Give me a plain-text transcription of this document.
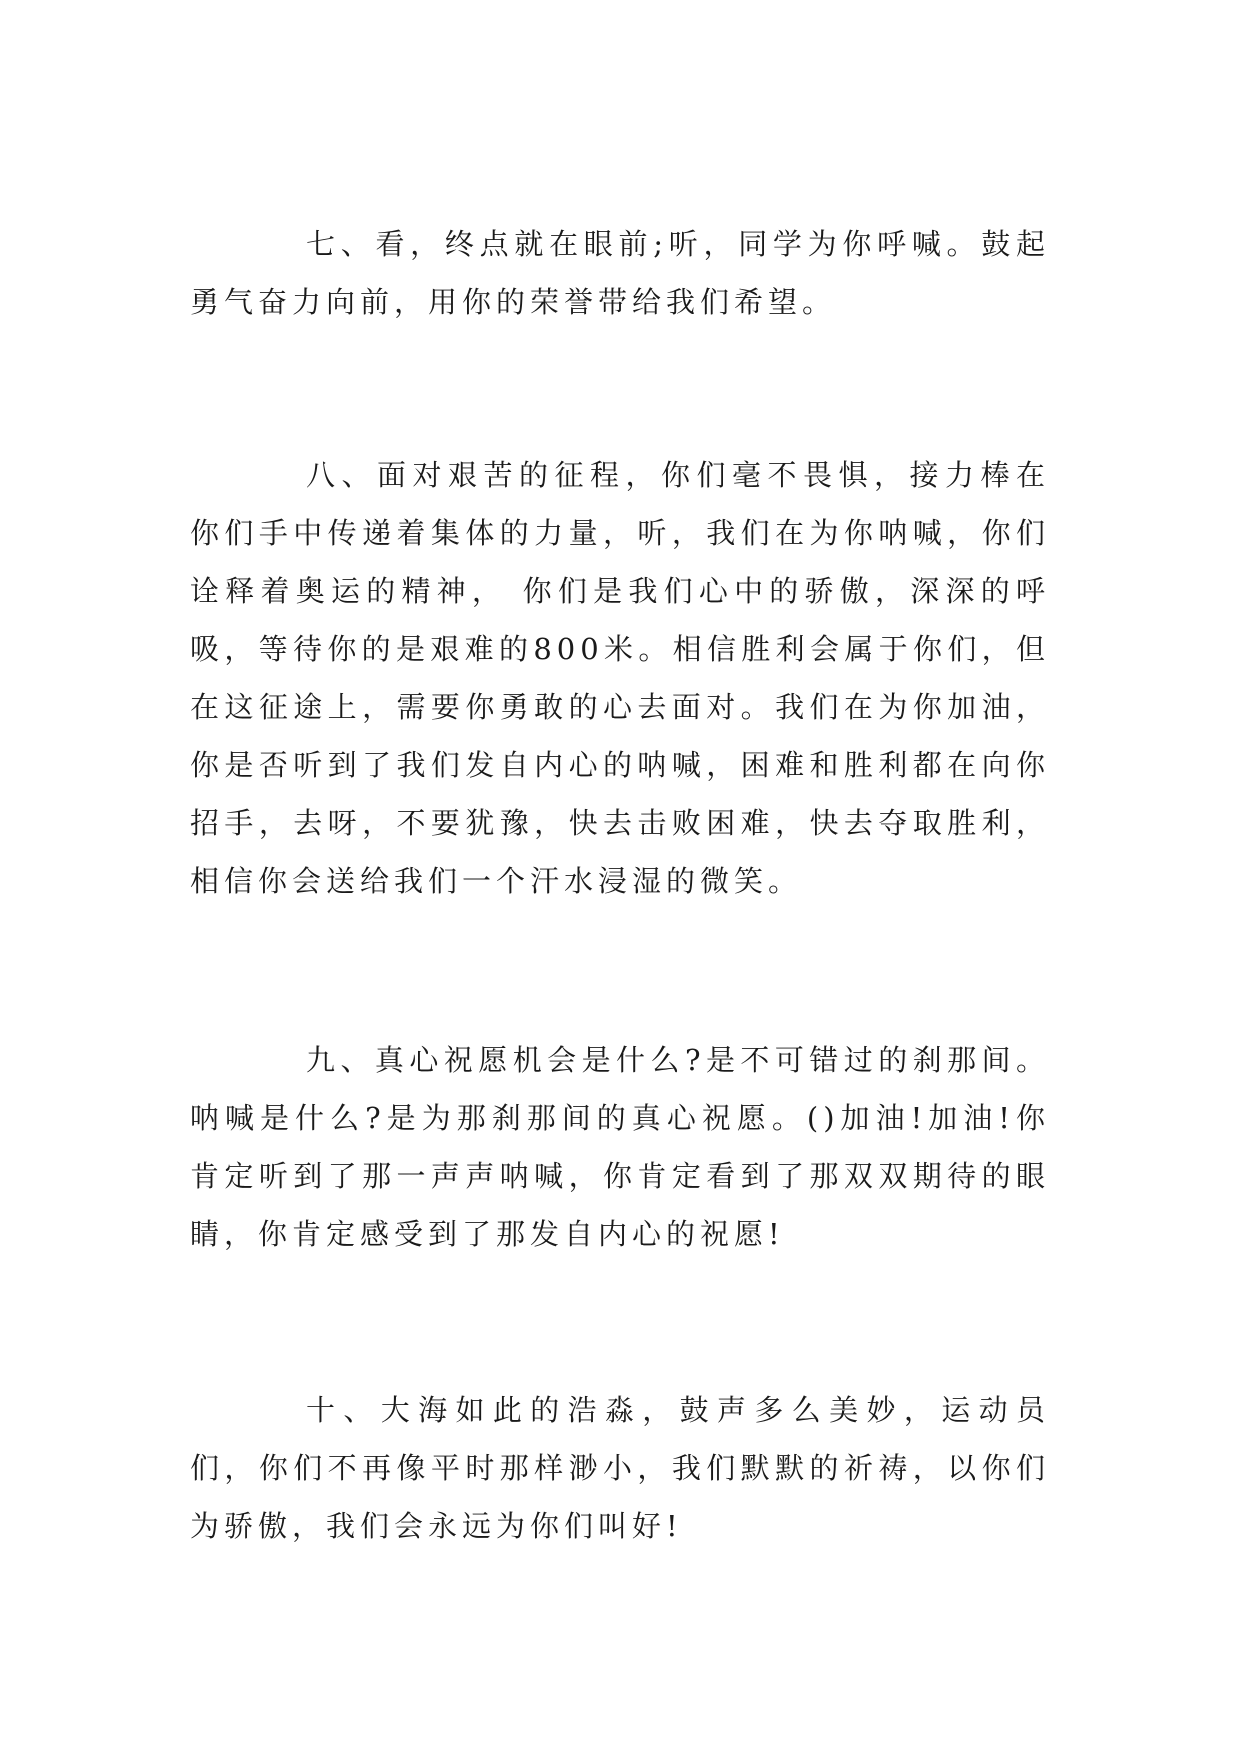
七、看，终点就在眼前;听，同学为你呼喊。鼓起勇气奋力向前，用你的荣誉带给我们希望。

八、面对艰苦的征程，你们毫不畏惧，接力棒在你们手中传递着集体的力量，听，我们在为你呐喊，你们诠释着奥运的精神， 你们是我们心中的骄傲，深深的呼吸，等待你的是艰难的800米。相信胜利会属于你们，但在这征途上，需要你勇敢的心去面对。我们在为你加油，你是否听到了我们发自内心的呐喊，困难和胜利都在向你招手，去呀，不要犹豫，快去击败困难，快去夺取胜利，相信你会送给我们一个汗水浸湿的微笑。

九、真心祝愿机会是什么?是不可错过的刹那间。呐喊是什么?是为那刹那间的真心祝愿。()加油!加油!你肯定听到了那一声声呐喊，你肯定看到了那双双期待的眼睛，你肯定感受到了那发自内心的祝愿!

十、大海如此的浩淼，鼓声多么美妙，运动员们，你们不再像平时那样渺小，我们默默的祈祷，以你们为骄傲，我们会永远为你们叫好!
